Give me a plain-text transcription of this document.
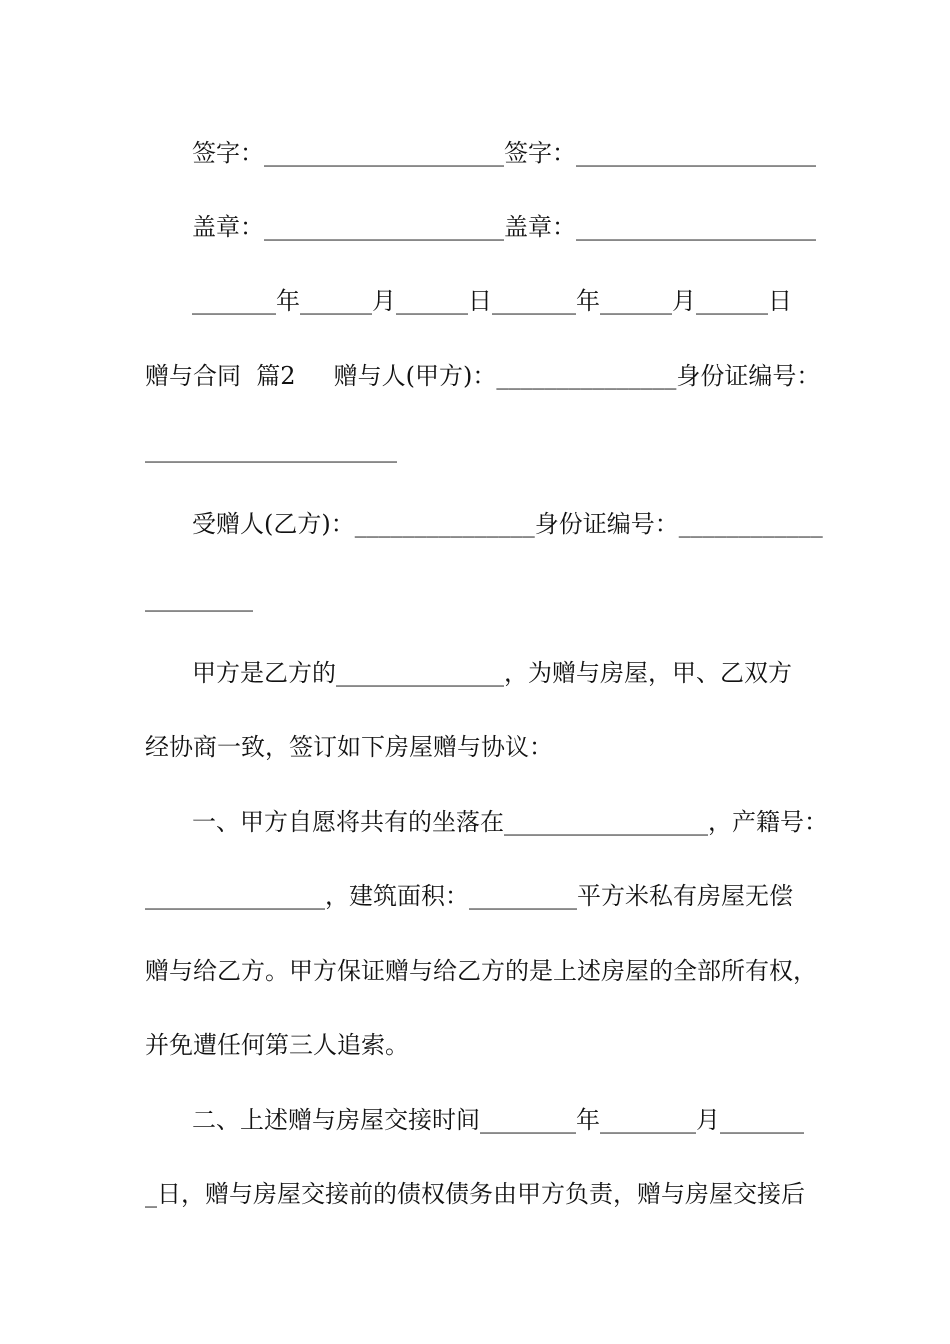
签字：____________________签字：____________________
盖章：____________________盖章：____________________
_______年______月______日_______年______月______日
赠与合同  篇2     赠与人(甲方)：_______________身份证编号：
_____________________
受赠人(乙方)：_______________身份证编号：____________
_________
甲方是乙方的______________，为赠与房屋，甲、乙双方
经协商一致，签订如下房屋赠与协议：
一、甲方自愿将共有的坐落在_________________，产籍号：
_______________，建筑面积：_________平方米私有房屋无偿
赠与给乙方。甲方保证赠与给乙方的是上述房屋的全部所有权，
并免遭任何第三人追索。
二、上述赠与房屋交接时间________年________月_______
_日，赠与房屋交接前的债权债务由甲方负责，赠与房屋交接后
